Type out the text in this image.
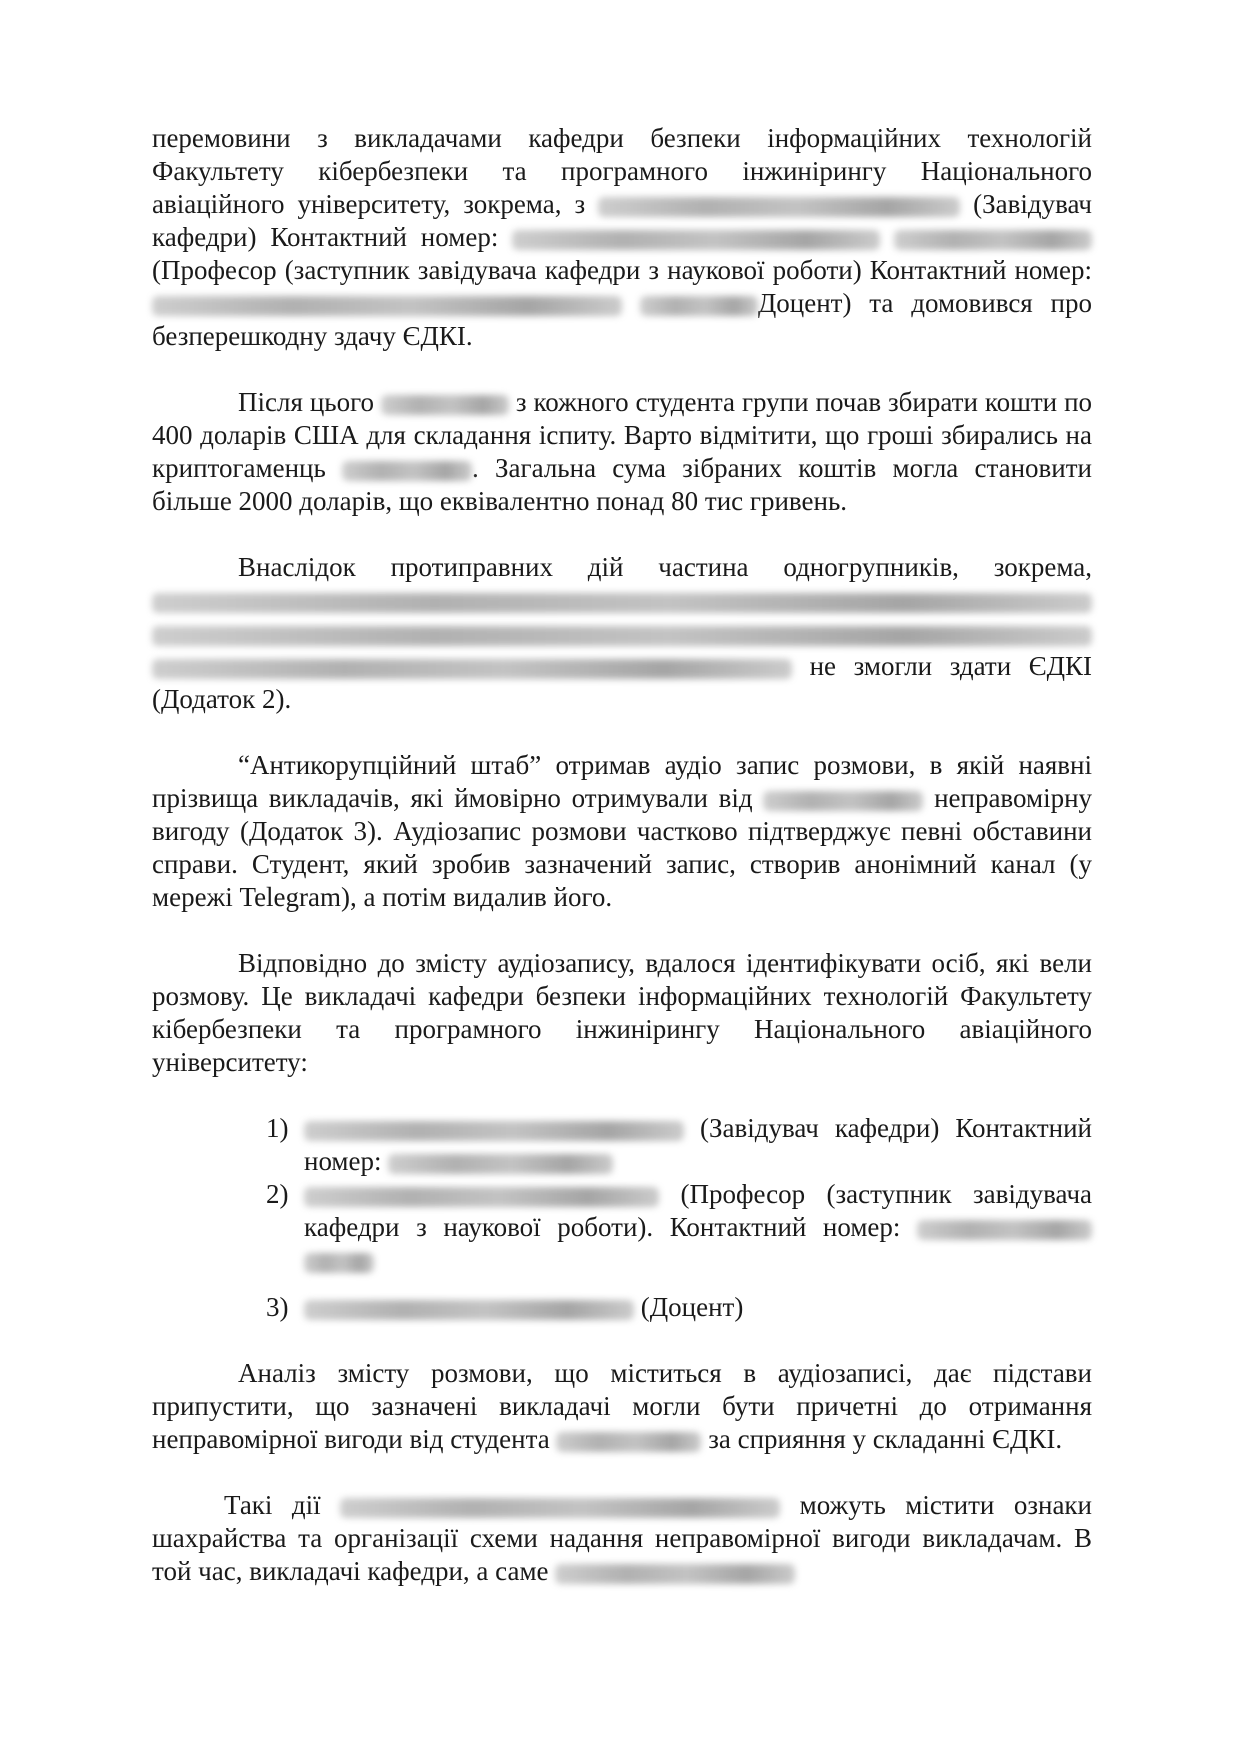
перемовини з викладачами кафедри безпеки інформаційних технологій Факультету кібербезпеки та програмного інжинірингу Національного авіаційного університету, зокрема, з	(Завідувач кафедри) Контактний номер:   (Професор (заступник завідувача кафедри з наукової роботи) Контактний номер:  Доцент) та домовився про безперешкодну здачу ЄДКІ.

Після цього	з кожного студента групи почав збирати кошти по 400 доларів США для складання іспиту. Варто відмітити, що гроші збирались на криптогаменць	. Загальна сума зібраних коштів могла становити більше 2000 доларів, що еквівалентно понад 80 тис гривень.

Внаслідок протиправних дій частина одногрупників, зокрема,    не змогли здати ЄДКІ (Додаток 2).

“Антикорупційний штаб” отримав аудіо запис розмови, в якій наявні прізвища викладачів, які ймовірно отримували від	неправомірну вигоду (Додаток 3). Аудіозапис розмови частково підтверджує певні обставини справи. Студент, який зробив зазначений запис, створив анонімний канал (у мережі Telegram), а потім видалив його.

Відповідно до змісту аудіозапису, вдалося ідентифікувати осіб, які вели розмову. Це викладачі кафедри безпеки інформаційних технологій Факультету кібербезпеки та програмного інжинірингу Національного авіаційного університету:

1)	(Завідувач кафедри) Контактний номер:
2)	(Професор (заступник завідувача кафедри з наукової роботи). Контактний номер:
3)	(Доцент)

Аналіз змісту розмови, що міститься в аудіозаписі, дає підстави припустити, що зазначені викладачі могли бути причетні до отримання неправомірної вигоди від студента	за сприяння у складанні ЄДКІ.

Такі дії	можуть містити ознаки шахрайства та організації схеми надання неправомірної вигоди викладачам. В той час, викладачі кафедри, а саме
